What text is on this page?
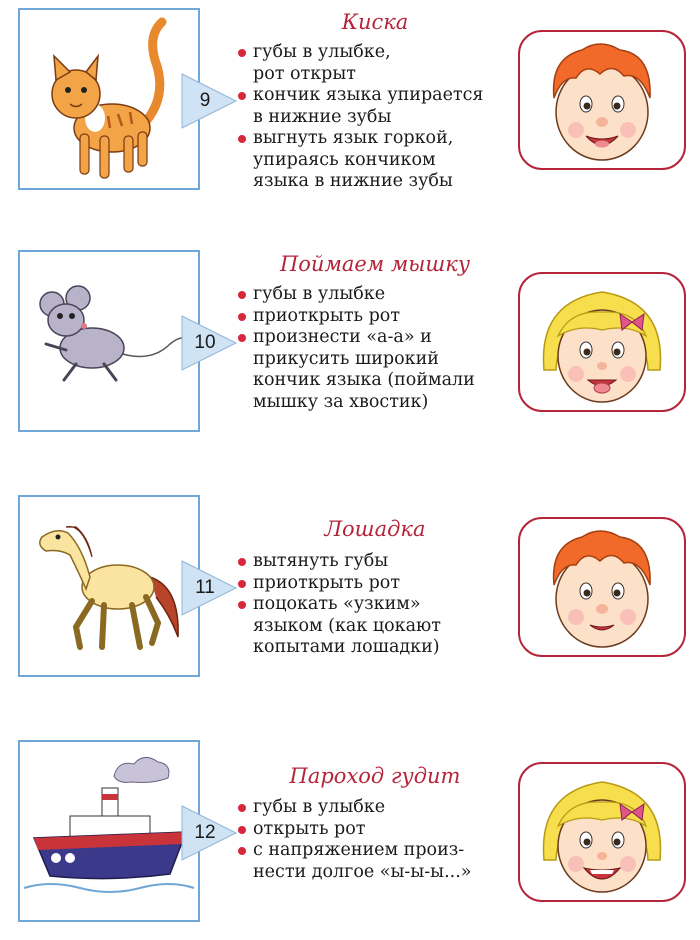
9
Киска
губы в улыбке,
рот открыт
кончик языка упирается
в нижние зубы
выгнуть язык горкой,
упираясь кончиком
языка в нижние зубы
10
Поймаем мышку
губы в улыбке
приоткрыть рот
произнести «а-а» и
прикусить широкий
кончик языка (поймали
мышку за хвостик)
11
Лошадка
вытянуть губы
приоткрыть рот
поцокать «узким»
языком (как цокают
копытами лошадки)
12
Пароход гудит
губы в улыбке
открыть рот
с напряжением произ-
нести долгое «ы-ы-ы...»
